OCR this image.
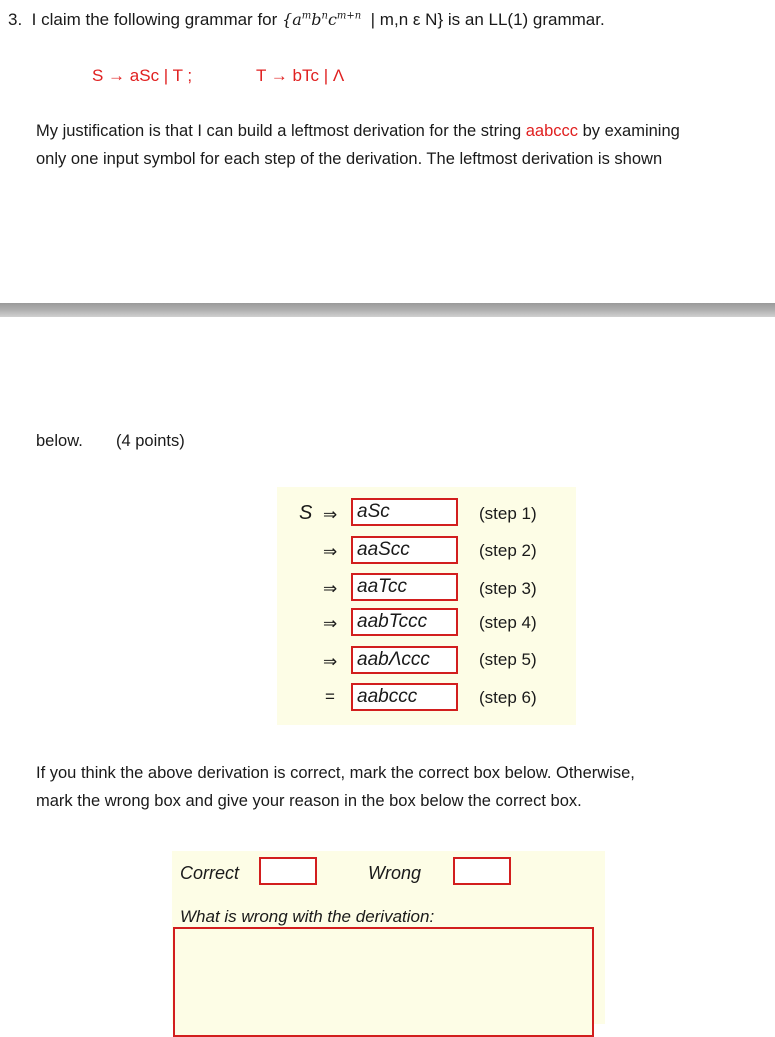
3. I claim the following grammar for {$a^mb^nc^{m+n}$ | m,n ε N} is an LL(1) grammar.
S → aSc | T ;	T → bTc | Λ
My justification is that I can build a leftmost derivation for the string aabccc by examining
only one input symbol for each step of the derivation. The leftmost derivation is shown
below. (4 points)
S ⇒	aSc	(step 1)
⇒	aaScc	(step 2)
⇒	aaTcc	(step 3)
⇒	aabTccc	(step 4)
⇒	aabΛccc	(step 5)
=	aabccc	(step 6)
If you think the above derivation is correct, mark the correct box below. Otherwise,
mark the wrong box and give your reason in the box below the correct box.
Correct	Wrong
What is wrong with the derivation:
